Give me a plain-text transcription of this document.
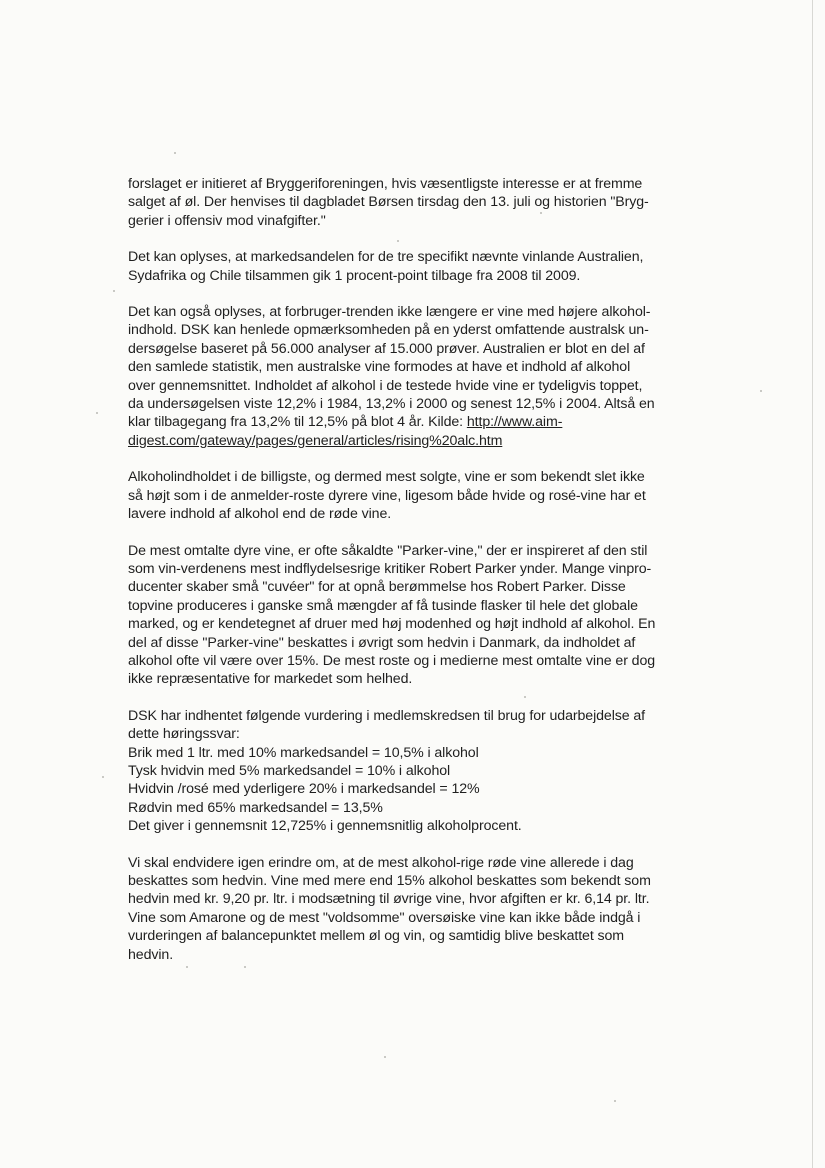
forslaget er initieret af Bryggeriforeningen, hvis væsentligste interesse er at fremme
salget af øl. Der henvises til dagbladet Børsen tirsdag den 13. juli og historien "Bryg-
gerier i offensiv mod vinafgifter."

Det kan oplyses, at markedsandelen for de tre specifikt nævnte vinlande Australien,
Sydafrika og Chile tilsammen gik 1 procent-point tilbage fra 2008 til 2009.

Det kan også oplyses, at forbruger-trenden ikke længere er vine med højere alkohol-
indhold. DSK kan henlede opmærksomheden på en yderst omfattende australsk un-
dersøgelse baseret på 56.000 analyser af 15.000 prøver. Australien er blot en del af
den samlede statistik, men australske vine formodes at have et indhold af alkohol
over gennemsnittet. Indholdet af alkohol i de testede hvide vine er tydeligvis toppet,
da undersøgelsen viste 12,2% i 1984, 13,2% i 2000 og senest 12,5% i 2004. Altså en
klar tilbagegang fra 13,2% til 12,5% på blot 4 år. Kilde: http://www.aim-
digest.com/gateway/pages/general/articles/rising%20alc.htm

Alkoholindholdet i de billigste, og dermed mest solgte, vine er som bekendt slet ikke
så højt som i de anmelder-roste dyrere vine, ligesom både hvide og rosé-vine har et
lavere indhold af alkohol end de røde vine.

De mest omtalte dyre vine, er ofte såkaldte "Parker-vine," der er inspireret af den stil
som vin-verdenens mest indflydelsesrige kritiker Robert Parker ynder. Mange vinpro-
ducenter skaber små "cuvéer" for at opnå berømmelse hos Robert Parker. Disse
topvine produceres i ganske små mængder af få tusinde flasker til hele det globale
marked, og er kendetegnet af druer med høj modenhed og højt indhold af alkohol. En
del af disse "Parker-vine" beskattes i øvrigt som hedvin i Danmark, da indholdet af
alkohol ofte vil være over 15%. De mest roste og i medierne mest omtalte vine er dog
ikke repræsentative for markedet som helhed.

DSK har indhentet følgende vurdering i medlemskredsen til brug for udarbejdelse af
dette høringssvar:
Brik med 1 ltr. med 10% markedsandel = 10,5% i alkohol
Tysk hvidvin med 5% markedsandel = 10% i alkohol
Hvidvin /rosé med yderligere 20% i markedsandel = 12%
Rødvin med 65% markedsandel = 13,5%
Det giver i gennemsnit 12,725% i gennemsnitlig alkoholprocent.

Vi skal endvidere igen erindre om, at de mest alkohol-rige røde vine allerede i dag
beskattes som hedvin. Vine med mere end 15% alkohol beskattes som bekendt som
hedvin med kr. 9,20 pr. ltr. i modsætning til øvrige vine, hvor afgiften er kr. 6,14 pr. ltr.
Vine som Amarone og de mest "voldsomme" oversøiske vine kan ikke både indgå i
vurderingen af balancepunktet mellem øl og vin, og samtidig blive beskattet som
hedvin.
